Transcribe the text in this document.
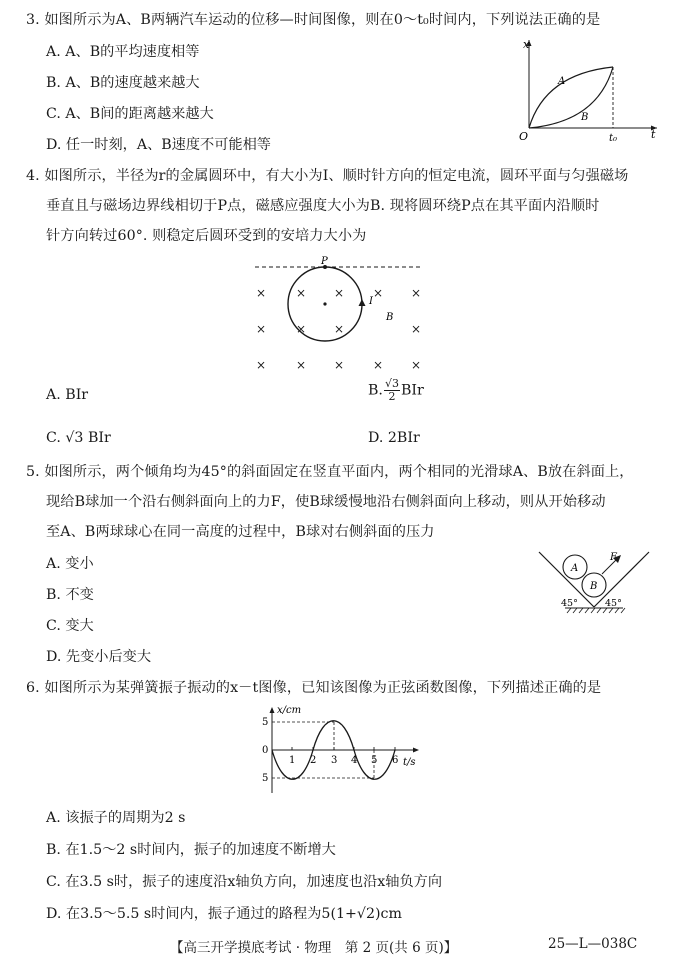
3. 如图所示为A、B两辆汽车运动的位移—时间图像，则在0～t₀时间内，下列说法正确的是
A. A、B的平均速度相等
B. A、B的速度越来越大
C. A、B间的距离越来越大
D. 任一时刻，A、B速度不可能相等
x
t
O	t₀
A
B
4. 如图所示，半径为r的金属圆环中，有大小为I、顺时针方向的恒定电流，圆环平面与匀强磁场
垂直且与磁场边界线相切于P点，磁感应强度大小为B. 现将圆环绕P点在其平面内沿顺时
针方向转过60°. 则稳定后圆环受到的安培力大小为
P
I
B
× × × × ×
× × ×	×
× × × × ×
A. BIr	B. $\frac{√3}{2}$ BIr
C. √3 BIr	D. 2BIr
5. 如图所示，两个倾角均为45°的斜面固定在竖直平面内，两个相同的光滑球A、B放在斜面上，
现给B球加一个沿右侧斜面向上的力F，使B球缓慢地沿右侧斜面向上移动，则从开始移动
至A、B两球球心在同一高度的过程中，B球对右侧斜面的压力
A. 变小
B. 不变
C. 变大
D. 先变小后变大
A
B
F
45°	45°
6. 如图所示为某弹簧振子振动的x－t图像，已知该图像为正弦函数图像，下列描述正确的是
x/cm
t/s
5
0
5
1 2 3 4 5 6
A. 该振子的周期为2 s
B. 在1.5～2 s时间内，振子的加速度不断增大
C. 在3.5 s时，振子的速度沿x轴负方向，加速度也沿x轴负方向
D. 在3.5～5.5 s时间内，振子通过的路程为5(1+√2)cm
【高三开学摸底考试 · 物理　第 2 页(共 6 页)】	25—L—038C
